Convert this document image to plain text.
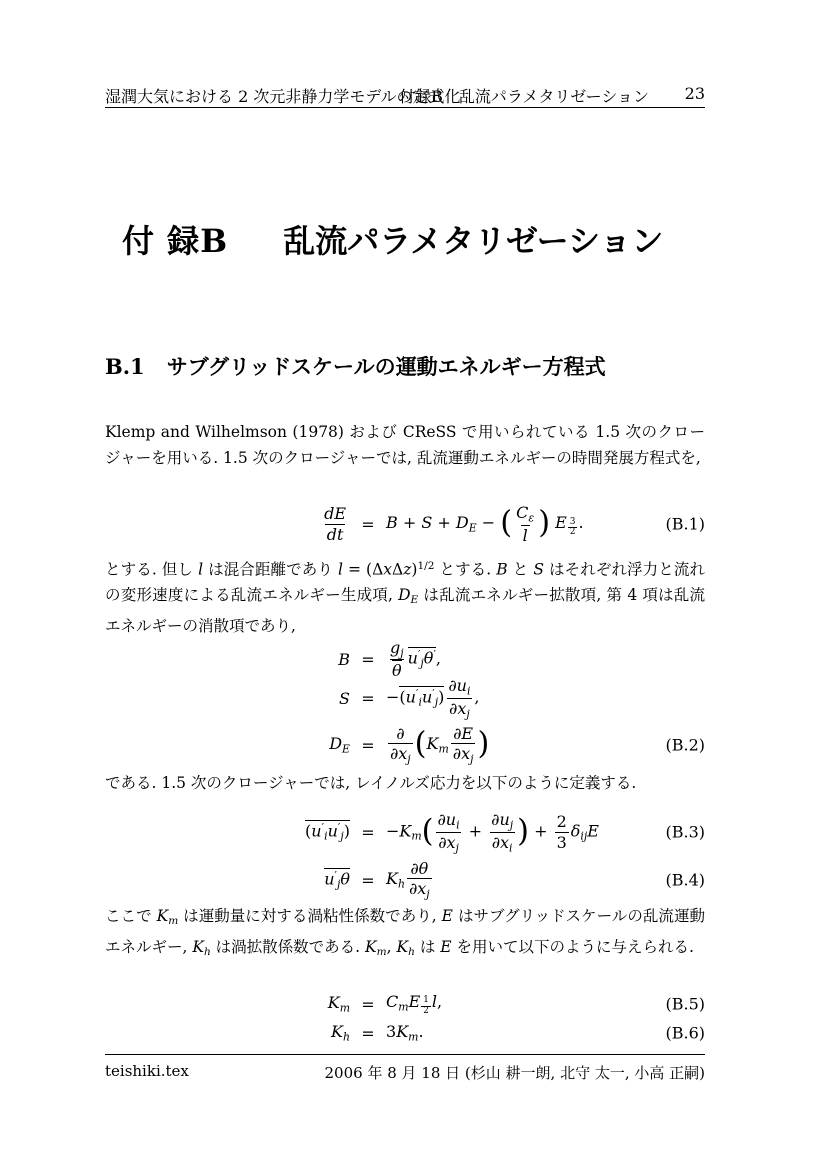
湿潤大気における 2 次元非静力学モデルの定式化
付録B　乱流パラメタリゼーション 23
付 録B 乱流パラメタリゼーション
B.1 サブグリッドスケールの運動エネルギー方程式
Klemp and Wilhelmson (1978) および CReSS で用いられている 1.5 次のクロージャーを用いる. 1.5 次のクロージャーでは, 乱流運動エネルギーの時間発展方程式を,
$\frac{dE}{dt} = B + S + D_E$ − ( $\frac{C_\varepsilon}{l}$ ) E $\frac{3}{2}$ .	(B.1)
とする. 但し l は混合距離であり $l = (\Delta x\Delta z)^{1/2}$ とする. B と S はそれぞれ浮力と流れの変形速度による乱流エネルギー生成項, $D_E$ は乱流エネルギー拡散項, 第 4 項は乱流エネルギーの消散項であり,
$B = \frac{g_j}{\theta} u'_j\theta'$,
$S = -(u'_iu'_j) \frac{\partial u_i}{\partial x_j}$ ,
$D_E = \frac{\partial}{\partial x_j} (K_m \frac{\partial E}{\partial x_j}$ )	(B.2)
である. 1.5 次のクロージャーでは, レイノルズ応力を以下のように定義する.
$(u'_iu'_j) = -K_m( \frac{\partial u_i}{\partial x_j} + \frac{\partial u_j}{\partial x_i}$ ) + $\frac{2}{3} \delta_{ij}E$	(B.3)
$u'_j\theta = K_h \frac{\partial\theta}{\partial x_j}$	(B.4)
ここで $K_m$ は運動量に対する渦粘性係数であり, E はサブグリッドスケールの乱流運動エネルギー, $K_h$ は渦拡散係数である. $K_m$, $K_h$ は E を用いて以下のように与えられる.
$K_m = C_mE \frac{1}{2} l$,	(B.5)
$K_h = 3K_m$.	(B.6)
teishiki.tex	2006 年 8 月 18 日 (杉山 耕一朗, 北守 太一, 小高 正嗣)
